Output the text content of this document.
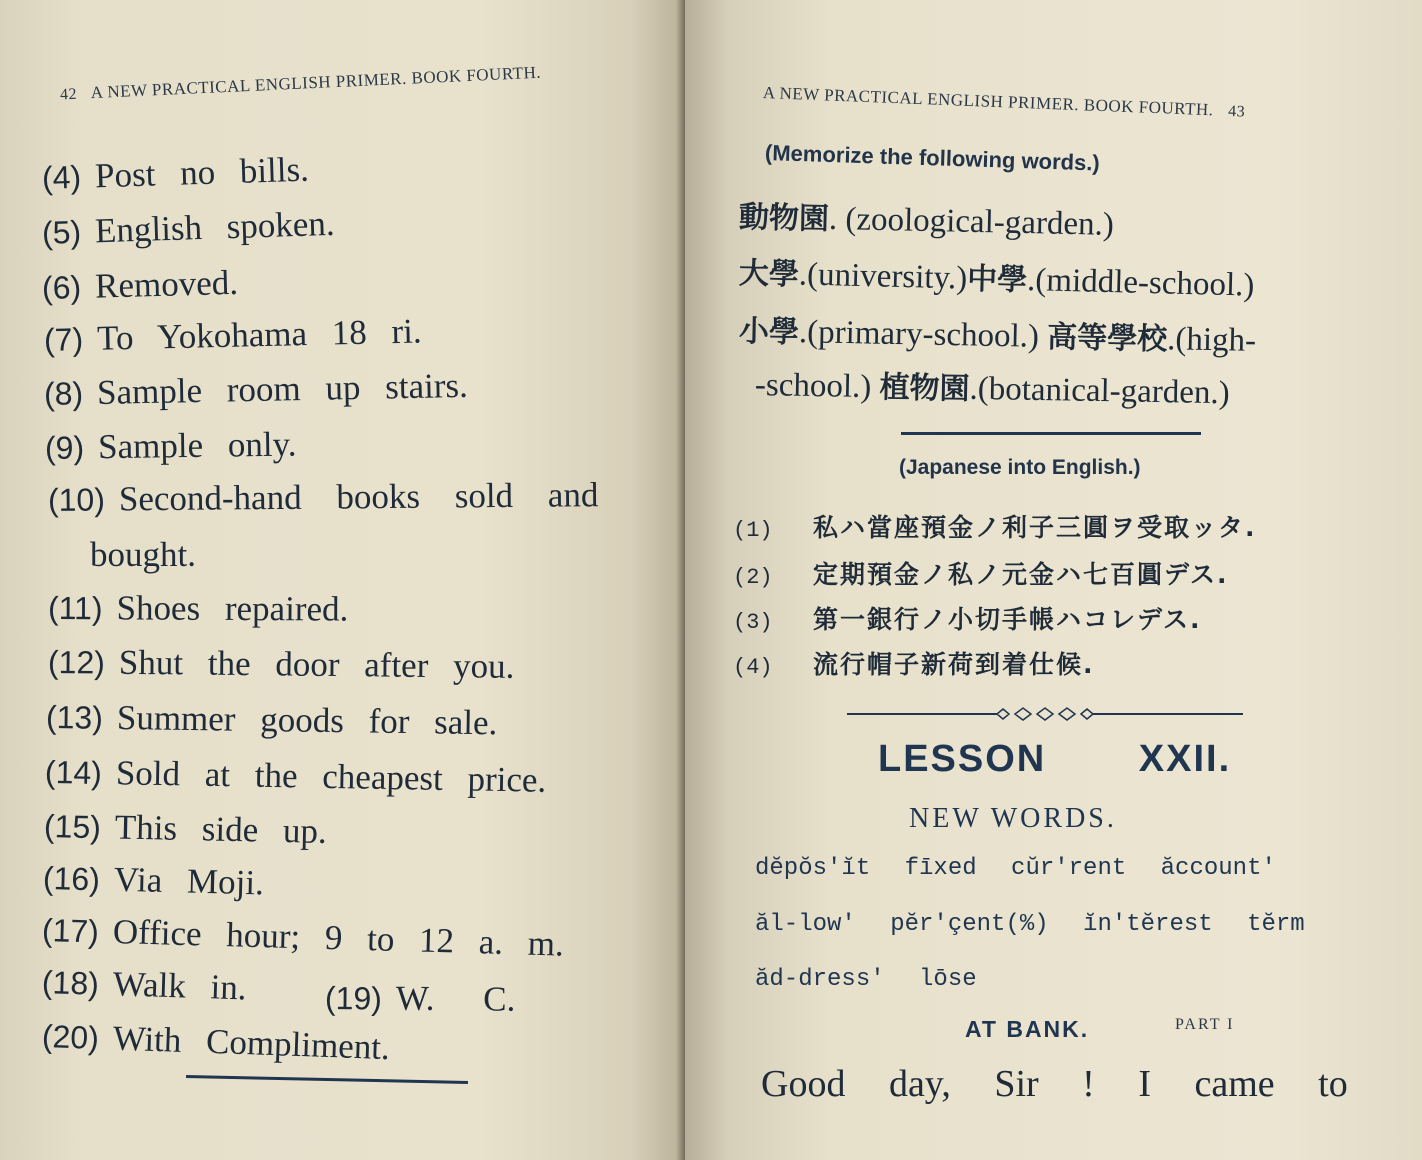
42 A NEW PRACTICAL ENGLISH PRIMER. BOOK FOURTH.
(4) Post no bills.
(5) English spoken.
(6) Removed.
(7) To Yokohama 18 ri.
(8) Sample room up stairs.
(9) Sample only.
(10) Second-hand books sold and
bought.
(11) Shoes repaired.
(12) Shut the door after you.
(13) Summer goods for sale.
(14) Sold at the cheapest price.
(15) This side up.
(16) Via Moji.
(17) Office hour; 9 to 12 a. m.
(18) Walk in. (19) W. C.
(20) With Compliment.
A NEW PRACTICAL ENGLISH PRIMER. BOOK FOURTH. 43
(Memorize the following words.)
動物園. (zoological-garden.)
大學.(university.)中學.(middle-school.)
小學.(primary-school.) 高等學校.(high-
-school.) 植物園.(botanical-garden.)
(Japanese into English.)
(1) 私ハ當座預金ノ利子三圓ヲ受取ッタ.
(2) 定期預金ノ私ノ元金ハ七百圓デス.
(3) 第一銀行ノ小切手帳ハコレデス.
(4) 流行帽子新荷到着仕候.
LESSON XXII.
NEW WORDS.
dĕpŏs'ĭt fīxed cŭr'rent ăccount'
ăl-low' pĕr'çent(%) ĭn'tĕrest tĕrm
ăd-dress' lōse
AT BANK.	PART I
Good day, Sir ! I came to
